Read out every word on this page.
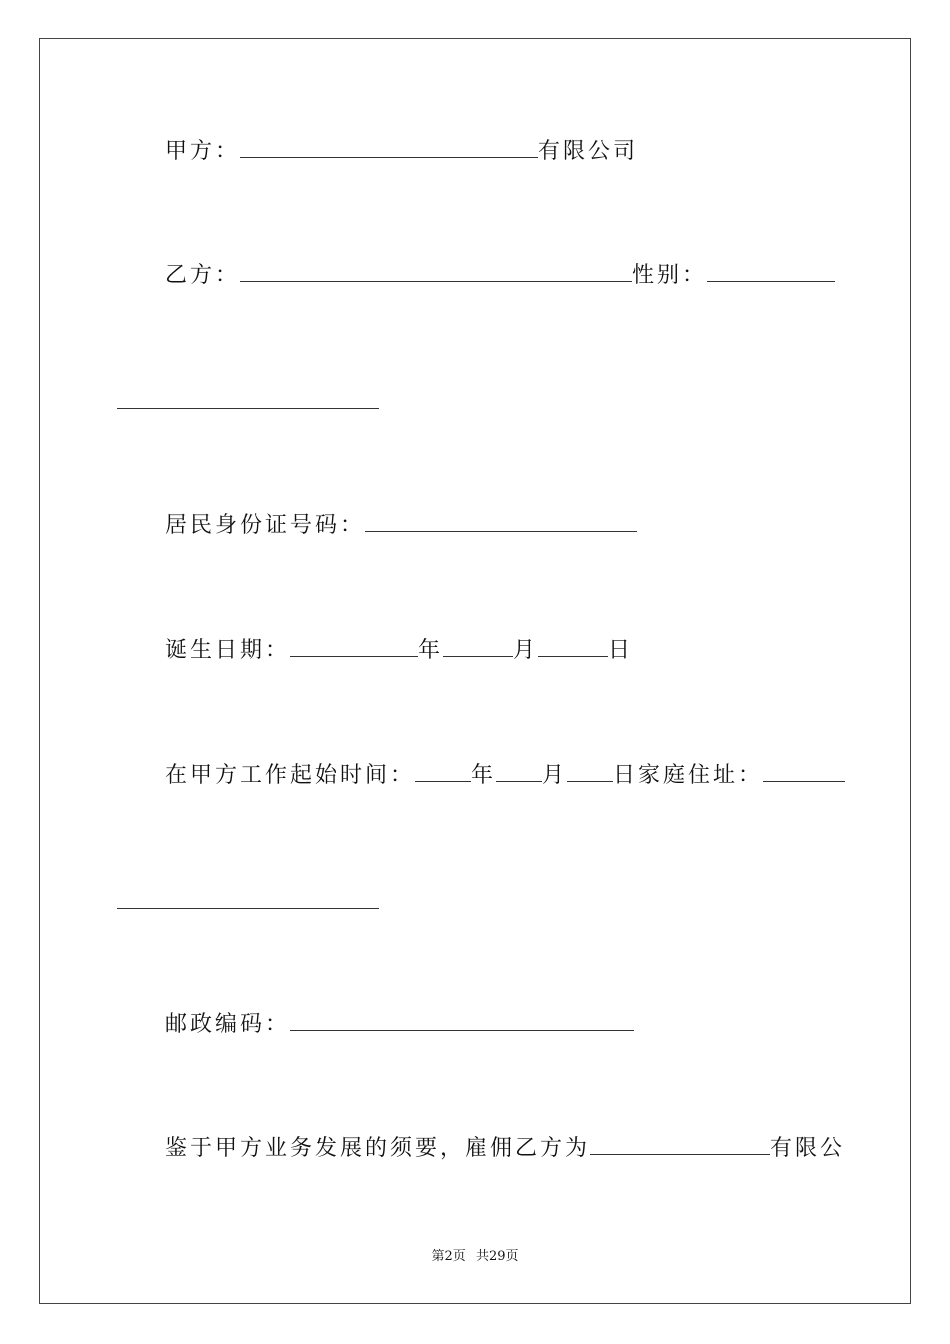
甲方：	有限公司
乙方：	性别：
居民身份证号码：
诞生日期：	年	月	日
在甲方工作起始时间：	年 月 日家庭住址：
邮政编码：
鉴于甲方业务发展的须要，雇佣乙方为	有限公
第2页 共29页
